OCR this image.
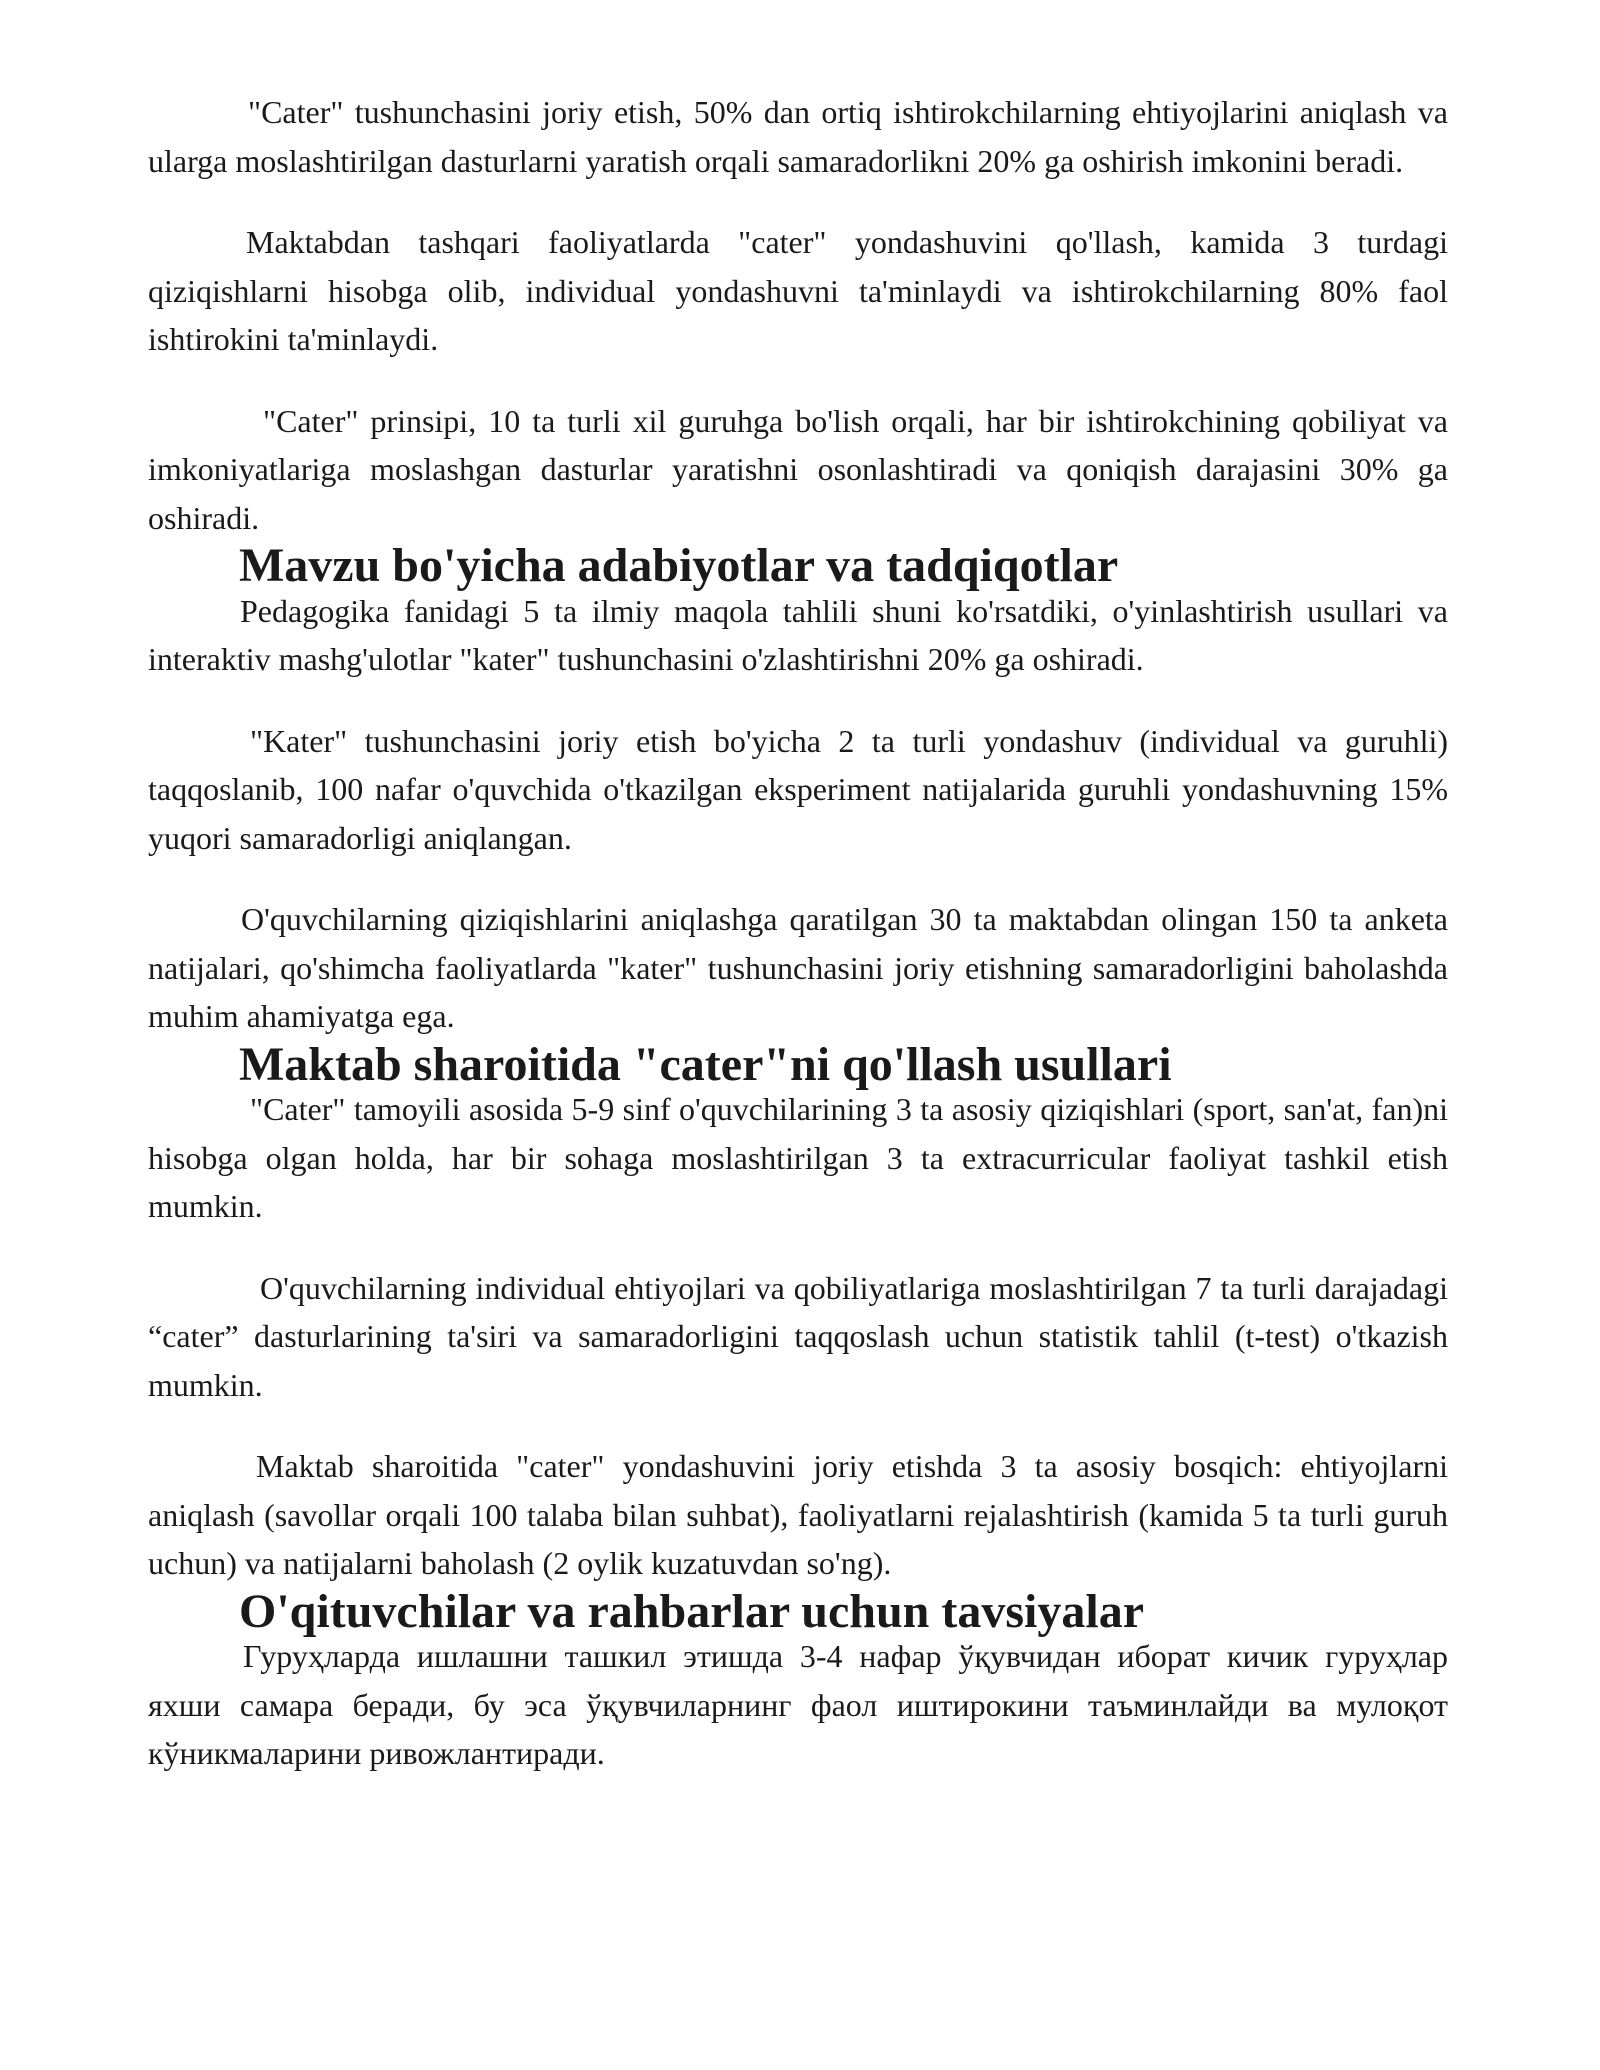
"Cater" tushunchasini joriy etish, 50% dan ortiq ishtirokchilarning ehtiyojlarini aniqlash va ularga moslashtirilgan dasturlarni yaratish orqali samaradorlikni 20% ga oshirish imkonini beradi.

Maktabdan tashqari faoliyatlarda "cater" yondashuvini qo'llash, kamida 3 turdagi qiziqishlarni hisobga olib, individual yondashuvni ta'minlaydi va ishtirokchilarning 80% faol ishtirokini ta'minlaydi.

"Cater" prinsipi, 10 ta turli xil guruhga bo'lish orqali, har bir ishtirokchining qobiliyat va imkoniyatlariga moslashgan dasturlar yaratishni osonlashtiradi va qoniqish darajasini 30% ga oshiradi.

Mavzu bo'yicha adabiyotlar va tadqiqotlar

Pedagogika fanidagi 5 ta ilmiy maqola tahlili shuni ko'rsatdiki, o'yinlashtirish usullari va interaktiv mashg'ulotlar "kater" tushunchasini o'zlashtirishni 20% ga oshiradi.

"Kater" tushunchasini joriy etish bo'yicha 2 ta turli yondashuv (individual va guruhli) taqqoslanib, 100 nafar o'quvchida o'tkazilgan eksperiment natijalarida guruhli yondashuvning 15% yuqori samaradorligi aniqlangan.

O'quvchilarning qiziqishlarini aniqlashga qaratilgan 30 ta maktabdan olingan 150 ta anketa natijalari, qo'shimcha faoliyatlarda "kater" tushunchasini joriy etishning samaradorligini baholashda muhim ahamiyatga ega.

Maktab sharoitida "cater"ni qo'llash usullari

"Cater" tamoyili asosida 5-9 sinf o'quvchilarining 3 ta asosiy qiziqishlari (sport, san'at, fan)ni hisobga olgan holda, har bir sohaga moslashtirilgan 3 ta extracurricular faoliyat tashkil etish mumkin.

O'quvchilarning individual ehtiyojlari va qobiliyatlariga moslashtirilgan 7 ta turli darajadagi “cater” dasturlarining ta'siri va samaradorligini taqqoslash uchun statistik tahlil (t-test) o'tkazish mumkin.

Maktab sharoitida "cater" yondashuvini joriy etishda 3 ta asosiy bosqich: ehtiyojlarni aniqlash (savollar orqali 100 talaba bilan suhbat), faoliyatlarni rejalashtirish (kamida 5 ta turli guruh uchun) va natijalarni baholash (2 oylik kuzatuvdan so'ng).

O'qituvchilar va rahbarlar uchun tavsiyalar

Гуруҳларда ишлашни ташкил этишда 3-4 нафар ўқувчидан иборат кичик гуруҳлар яхши самара беради, бу эса ўқувчиларнинг фаол иштирокини таъминлайди ва мулоқот кўникмаларини ривожлантиради.
